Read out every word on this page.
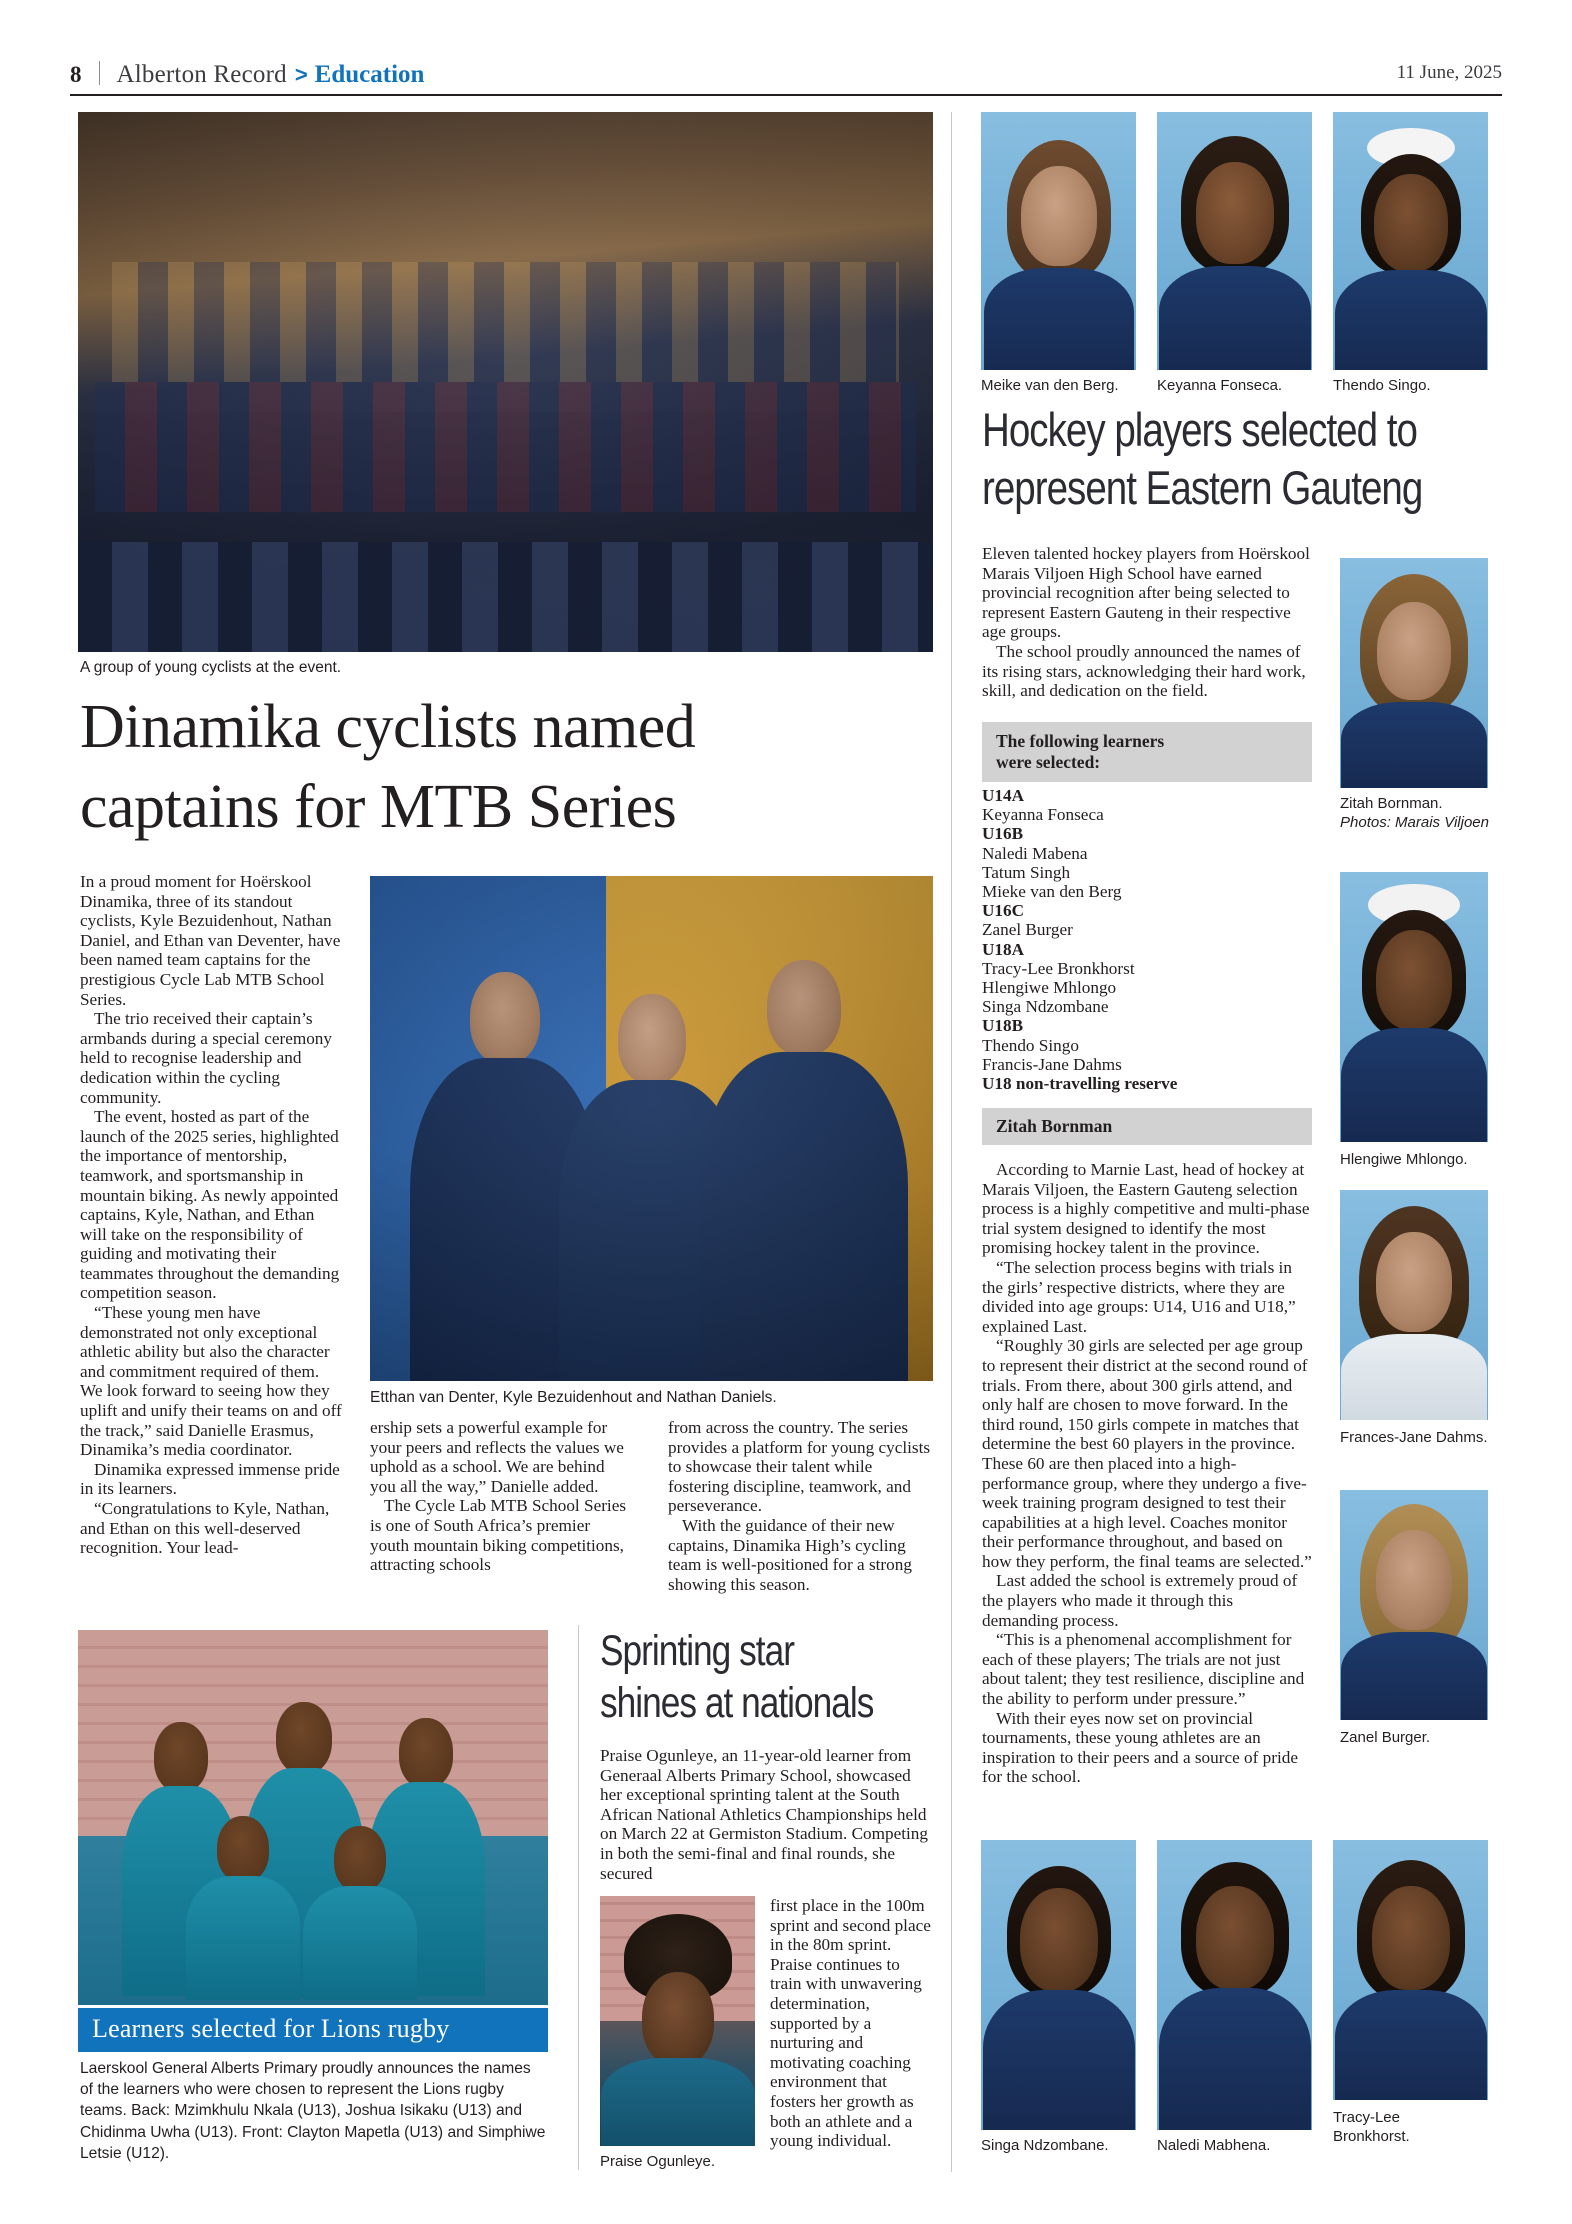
8	Alberton Record > Education	11 June, 2025
A group of young cyclists at the event.
Dinamika cyclists named
captains for MTB Series

In a proud moment for Hoërskool Dinamika, three of its standout cyclists, Kyle Bezuidenhout, Nathan Daniel, and Ethan van Deventer, have been named team captains for the prestigious Cycle Lab MTB School Series.

The trio received their captain’s armbands during a special ceremony held to recognise leadership and dedication within the cycling community.

The event, hosted as part of the launch of the 2025 series, highlighted the importance of mentorship, teamwork, and sportsmanship in mountain biking. As newly appointed captains, Kyle, Nathan, and Ethan will take on the responsibility of guiding and motivating their teammates throughout the demanding competition season.

“These young men have demonstrated not only exceptional athletic ability but also the character and commitment required of them. We look forward to seeing how they uplift and unify their teams on and off the track,” said Danielle Erasmus, Dinamika’s media coordinator.

Dinamika expressed immense pride in its learners.

“Congratulations to Kyle, Nathan, and Ethan on this well-deserved recognition. Your lead-

Etthan van Denter, Kyle Bezuidenhout and Nathan Daniels.

ership sets a powerful example for your peers and reflects the values we uphold as a school. We are behind you all the way,” Danielle added.

The Cycle Lab MTB School Series is one of South Africa’s premier youth mountain biking competitions, attracting schools

from across the country. The series provides a platform for young cyclists to showcase their talent while fostering discipline, teamwork, and perseverance.

With the guidance of their new captains, Dinamika High’s cycling team is well-positioned for a strong showing this season.

Meike van den Berg.	Keyanna Fonseca.	Thendo Singo.
Hockey players selected to
represent Eastern Gauteng

Eleven talented hockey players from Hoërskool Marais Viljoen High School have earned provincial recognition after being selected to represent Eastern Gauteng in their respective age groups.

The school proudly announced the names of its rising stars, acknowledging their hard work, skill, and dedication on the field.

The following learners
were selected:
U14A
Keyanna Fonseca
U16B
Naledi Mabena
Tatum Singh
Mieke van den Berg
U16C
Zanel Burger
U18A
Tracy-Lee Bronkhorst
Hlengiwe Mhlongo
Singa Ndzombane
U18B
Thendo Singo
Francis-Jane Dahms
U18 non-travelling reserve
Zitah Bornman

According to Marnie Last, head of hockey at Marais Viljoen, the Eastern Gauteng selection process is a highly competitive and multi-phase trial system designed to identify the most promising hockey talent in the province.

“The selection process begins with trials in the girls’ respective districts, where they are divided into age groups: U14, U16 and U18,” explained Last.

“Roughly 30 girls are selected per age group to represent their district at the second round of trials. From there, about 300 girls attend, and only half are chosen to move forward. In the third round, 150 girls compete in matches that determine the best 60 players in the province. These 60 are then placed into a high-performance group, where they undergo a five-week training program designed to test their capabilities at a high level. Coaches monitor their performance throughout, and based on how they perform, the final teams are selected.”

Last added the school is extremely proud of the players who made it through this demanding process.

“This is a phenomenal accomplishment for each of these players; The trials are not just about talent; they test resilience, discipline and the ability to perform under pressure.”

With their eyes now set on provincial tournaments, these young athletes are an inspiration to their peers and a source of pride for the school.

Zitah Bornman.
Photos: Marais Viljoen
Hlengiwe Mhlongo.
Frances-Jane Dahms.
Zanel Burger.
Singa Ndzombane.	Naledi Mabhena.
Tracy-Lee Bronkhorst.
Learners selected for Lions rugby
Laerskool General Alberts Primary proudly announces the names of the learners who were chosen to represent the Lions rugby teams. Back: Mzimkhulu Nkala (U13), Joshua Isikaku (U13) and Chidinma Uwha (U13). Front: Clayton Mapetla (U13) and Simphiwe Letsie (U12).
Sprinting star
shines at nationals

Praise Ogunleye, an 11-year-old learner from Generaal Alberts Primary School, showcased her exceptional sprinting talent at the South African National Athletics Championships held on March 22 at Germiston Stadium. Competing in both the semi-final and final rounds, she secured

first place in the 100m sprint and second place in the 80m sprint. Praise continues to train with unwavering determination, supported by a nurturing and motivating coaching environment that fosters her growth as both an athlete and a young individual.

Praise Ogunleye.
